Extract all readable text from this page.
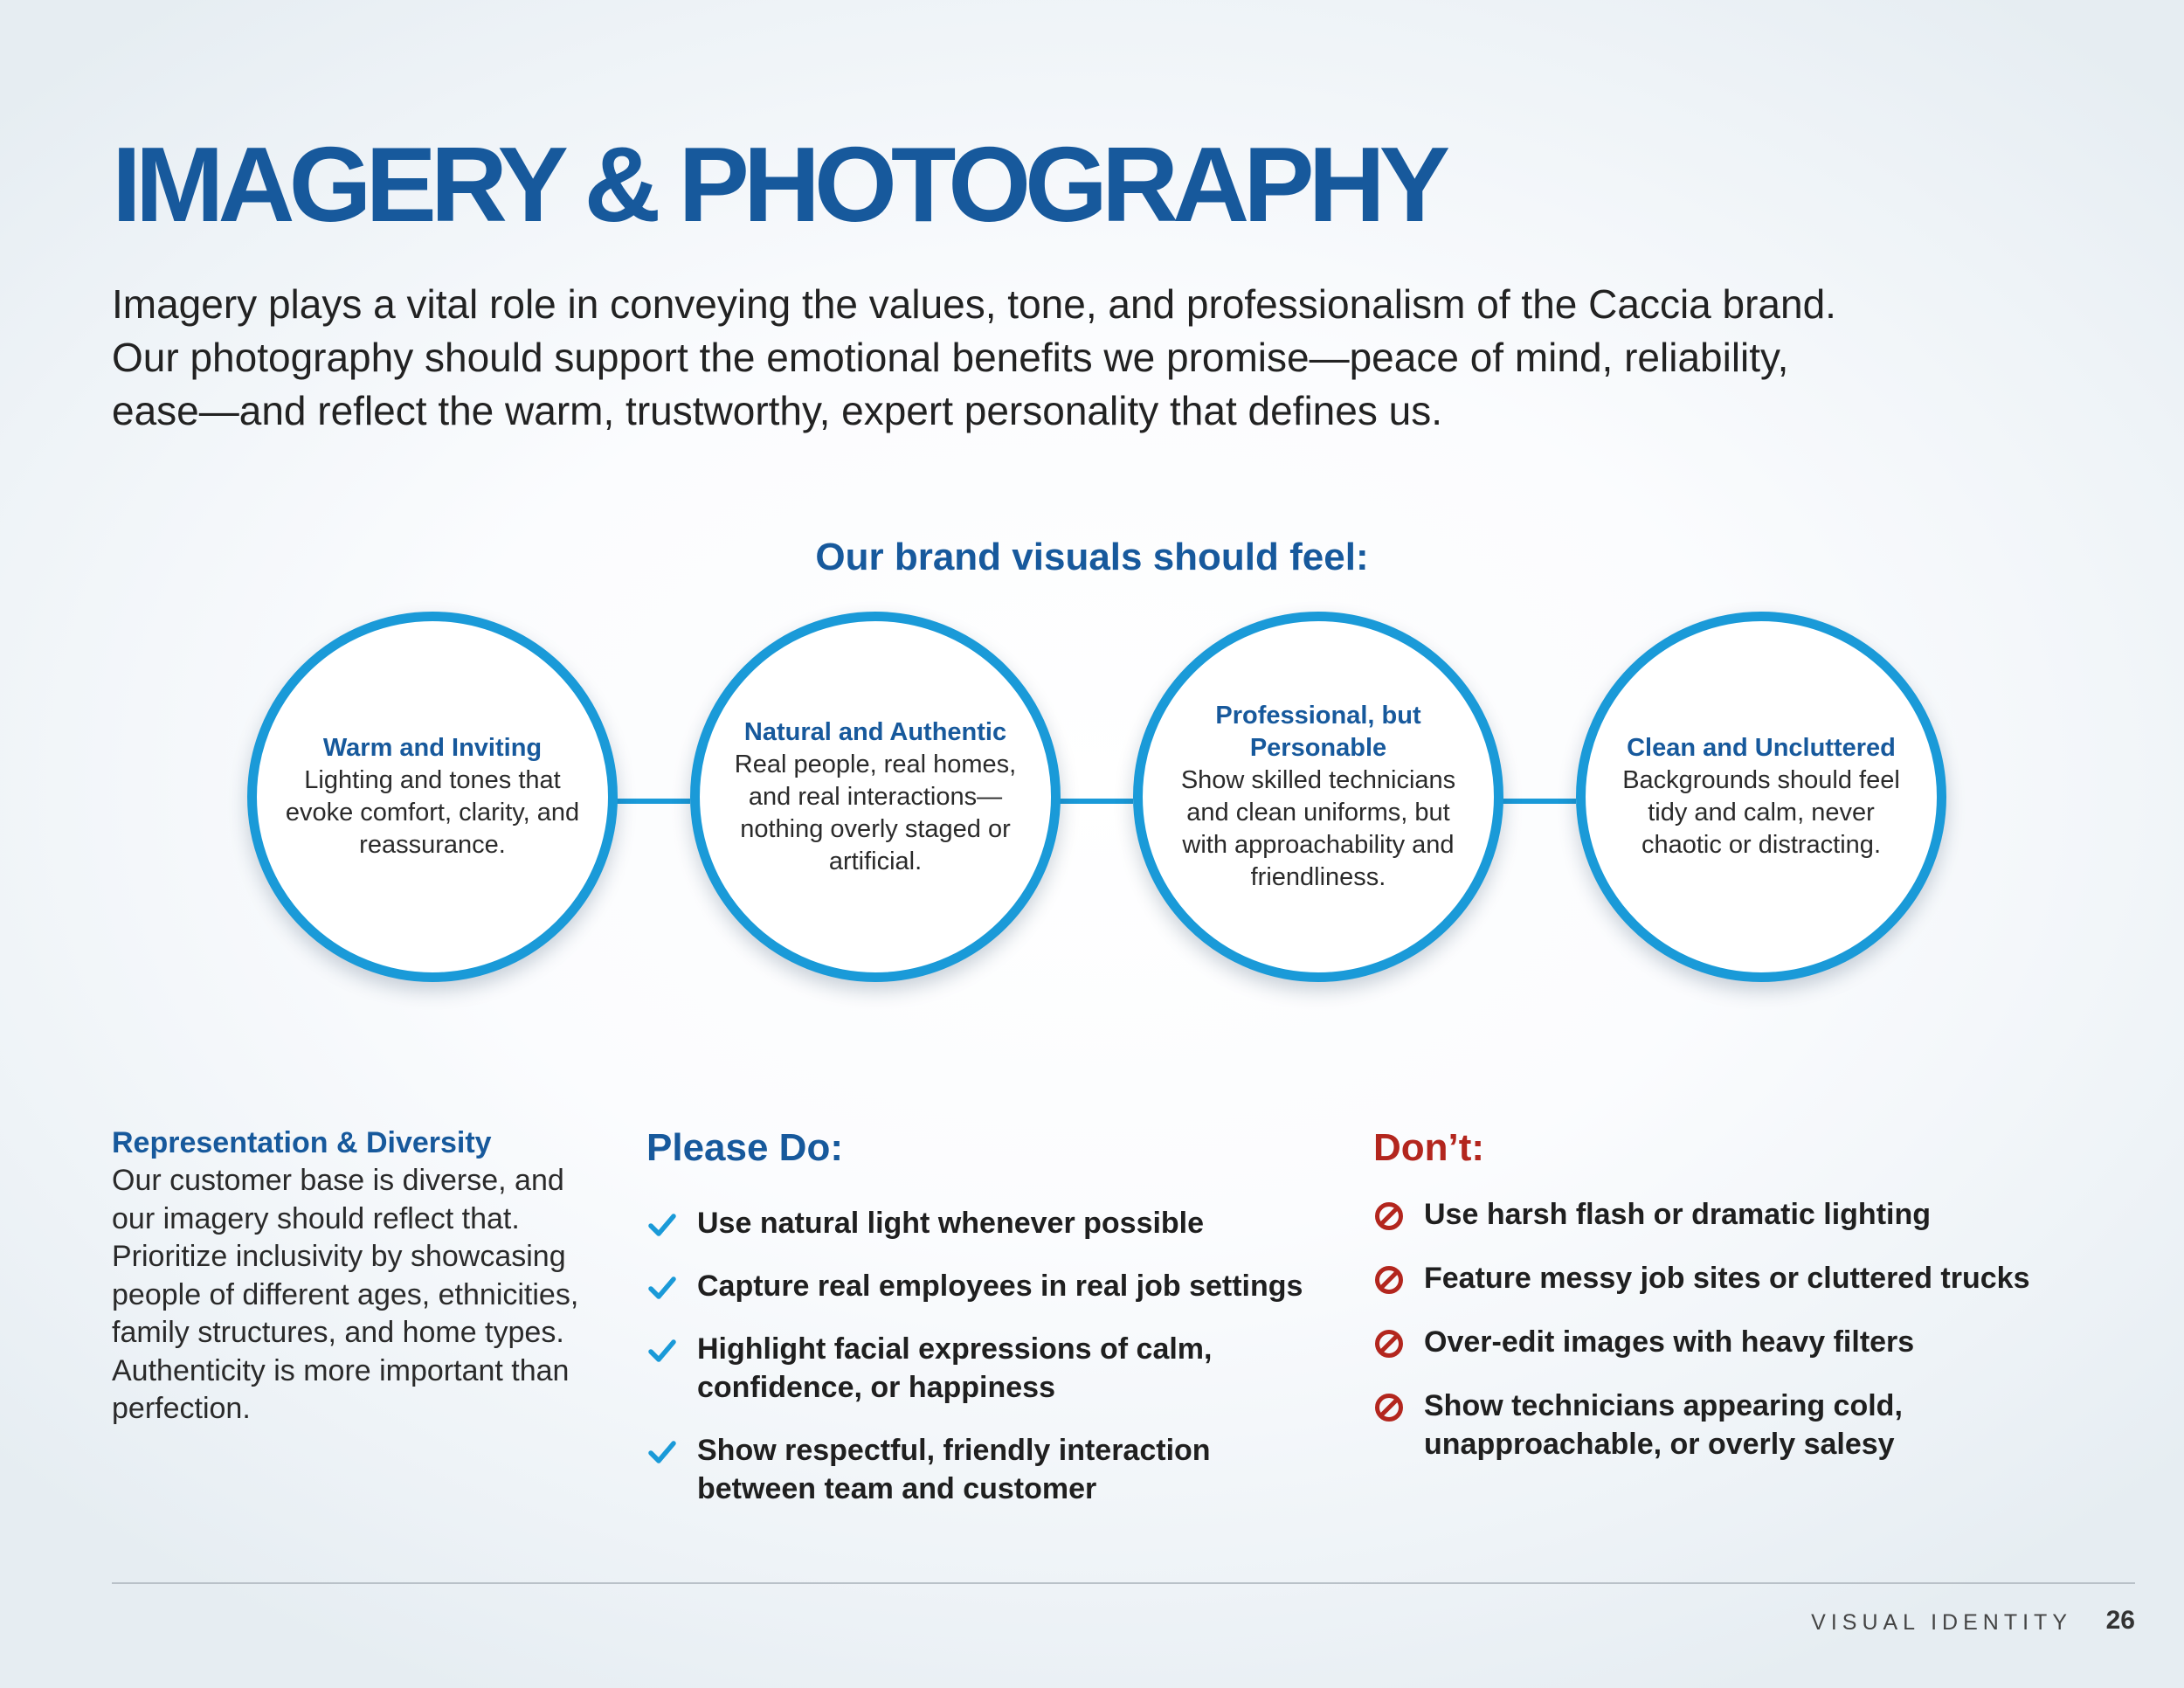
IMAGERY & PHOTOGRAPHY

Imagery plays a vital role in conveying the values, tone, and professionalism of the Caccia brand. Our photography should support the emotional benefits we promise—peace of mind, reliability, ease—and reflect the warm, trustworthy, expert personality that defines us.

Our brand visuals should feel:
Warm and Inviting
Lighting and tones that evoke comfort, clarity, and reassurance.
Natural and Authentic
Real people, real homes, and real interactions—nothing overly staged or artificial.
Professional, but Personable
Show skilled technicians and clean uniforms, but with approachability and friendliness.
Clean and Uncluttered
Backgrounds should feel tidy and calm, never chaotic or distracting.
Representation & Diversity

Our customer base is diverse, and our imagery should reflect that. Prioritize inclusivity by showcasing people of different ages, ethnicities, family structures, and home types. Authenticity is more important than perfection.

Please Do:
Use natural light whenever possible
Capture real employees in real job settings
Highlight facial expressions of calm, confidence, or happiness
Show respectful, friendly interaction between team and customer
Don’t:
Use harsh flash or dramatic lighting
Feature messy job sites or cluttered trucks
Over-edit images with heavy filters
Show technicians appearing cold, unapproachable, or overly salesy
VISUAL IDENTITY 26
